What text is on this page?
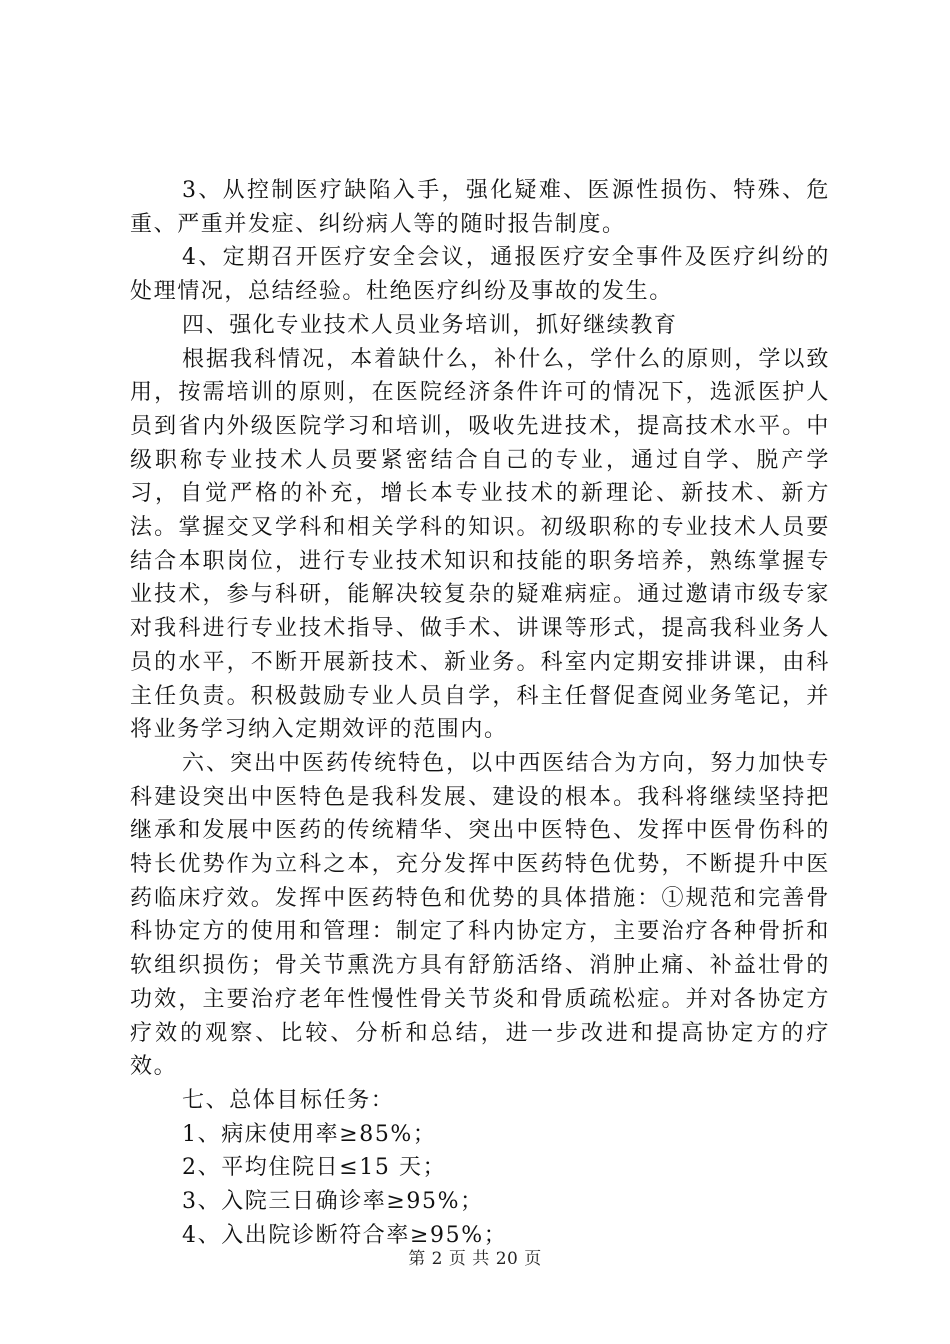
3、从控制医疗缺陷入手，强化疑难、医源性损伤、特殊、危重、严重并发症、纠纷病人等的随时报告制度。

4、定期召开医疗安全会议，通报医疗安全事件及医疗纠纷的处理情况，总结经验。杜绝医疗纠纷及事故的发生。

四、强化专业技术人员业务培训，抓好继续教育

根据我科情况，本着缺什么，补什么，学什么的原则，学以致用，按需培训的原则，在医院经济条件许可的情况下，选派医护人员到省内外级医院学习和培训，吸收先进技术，提高技术水平。中级职称专业技术人员要紧密结合自己的专业，通过自学、脱产学习，自觉严格的补充，增长本专业技术的新理论、新技术、新方法。掌握交叉学科和相关学科的知识。初级职称的专业技术人员要结合本职岗位，进行专业技术知识和技能的职务培养，熟练掌握专业技术，参与科研，能解决较复杂的疑难病症。通过邀请市级专家对我科进行专业技术指导、做手术、讲课等形式，提高我科业务人员的水平，不断开展新技术、新业务。科室内定期安排讲课，由科主任负责。积极鼓励专业人员自学，科主任督促查阅业务笔记，并将业务学习纳入定期效评的范围内。

六、突出中医药传统特色，以中西医结合为方向，努力加快专科建设突出中医特色是我科发展、建设的根本。我科将继续坚持把继承和发展中医药的传统精华、突出中医特色、发挥中医骨伤科的特长优势作为立科之本，充分发挥中医药特色优势，不断提升中医药临床疗效。发挥中医药特色和优势的具体措施：①规范和完善骨科协定方的使用和管理：制定了科内协定方，主要治疗各种骨折和软组织损伤；骨关节熏洗方具有舒筋活络、消肿止痛、补益壮骨的功效，主要治疗老年性慢性骨关节炎和骨质疏松症。并对各协定方疗效的观察、比较、分析和总结，进一步改进和提高协定方的疗效。

七、总体目标任务：

1、病床使用率≥85%；

2、平均住院日≤15 天；

3、入院三日确诊率≥95%；

4、入出院诊断符合率≥95%；

第 2 页 共 20 页
